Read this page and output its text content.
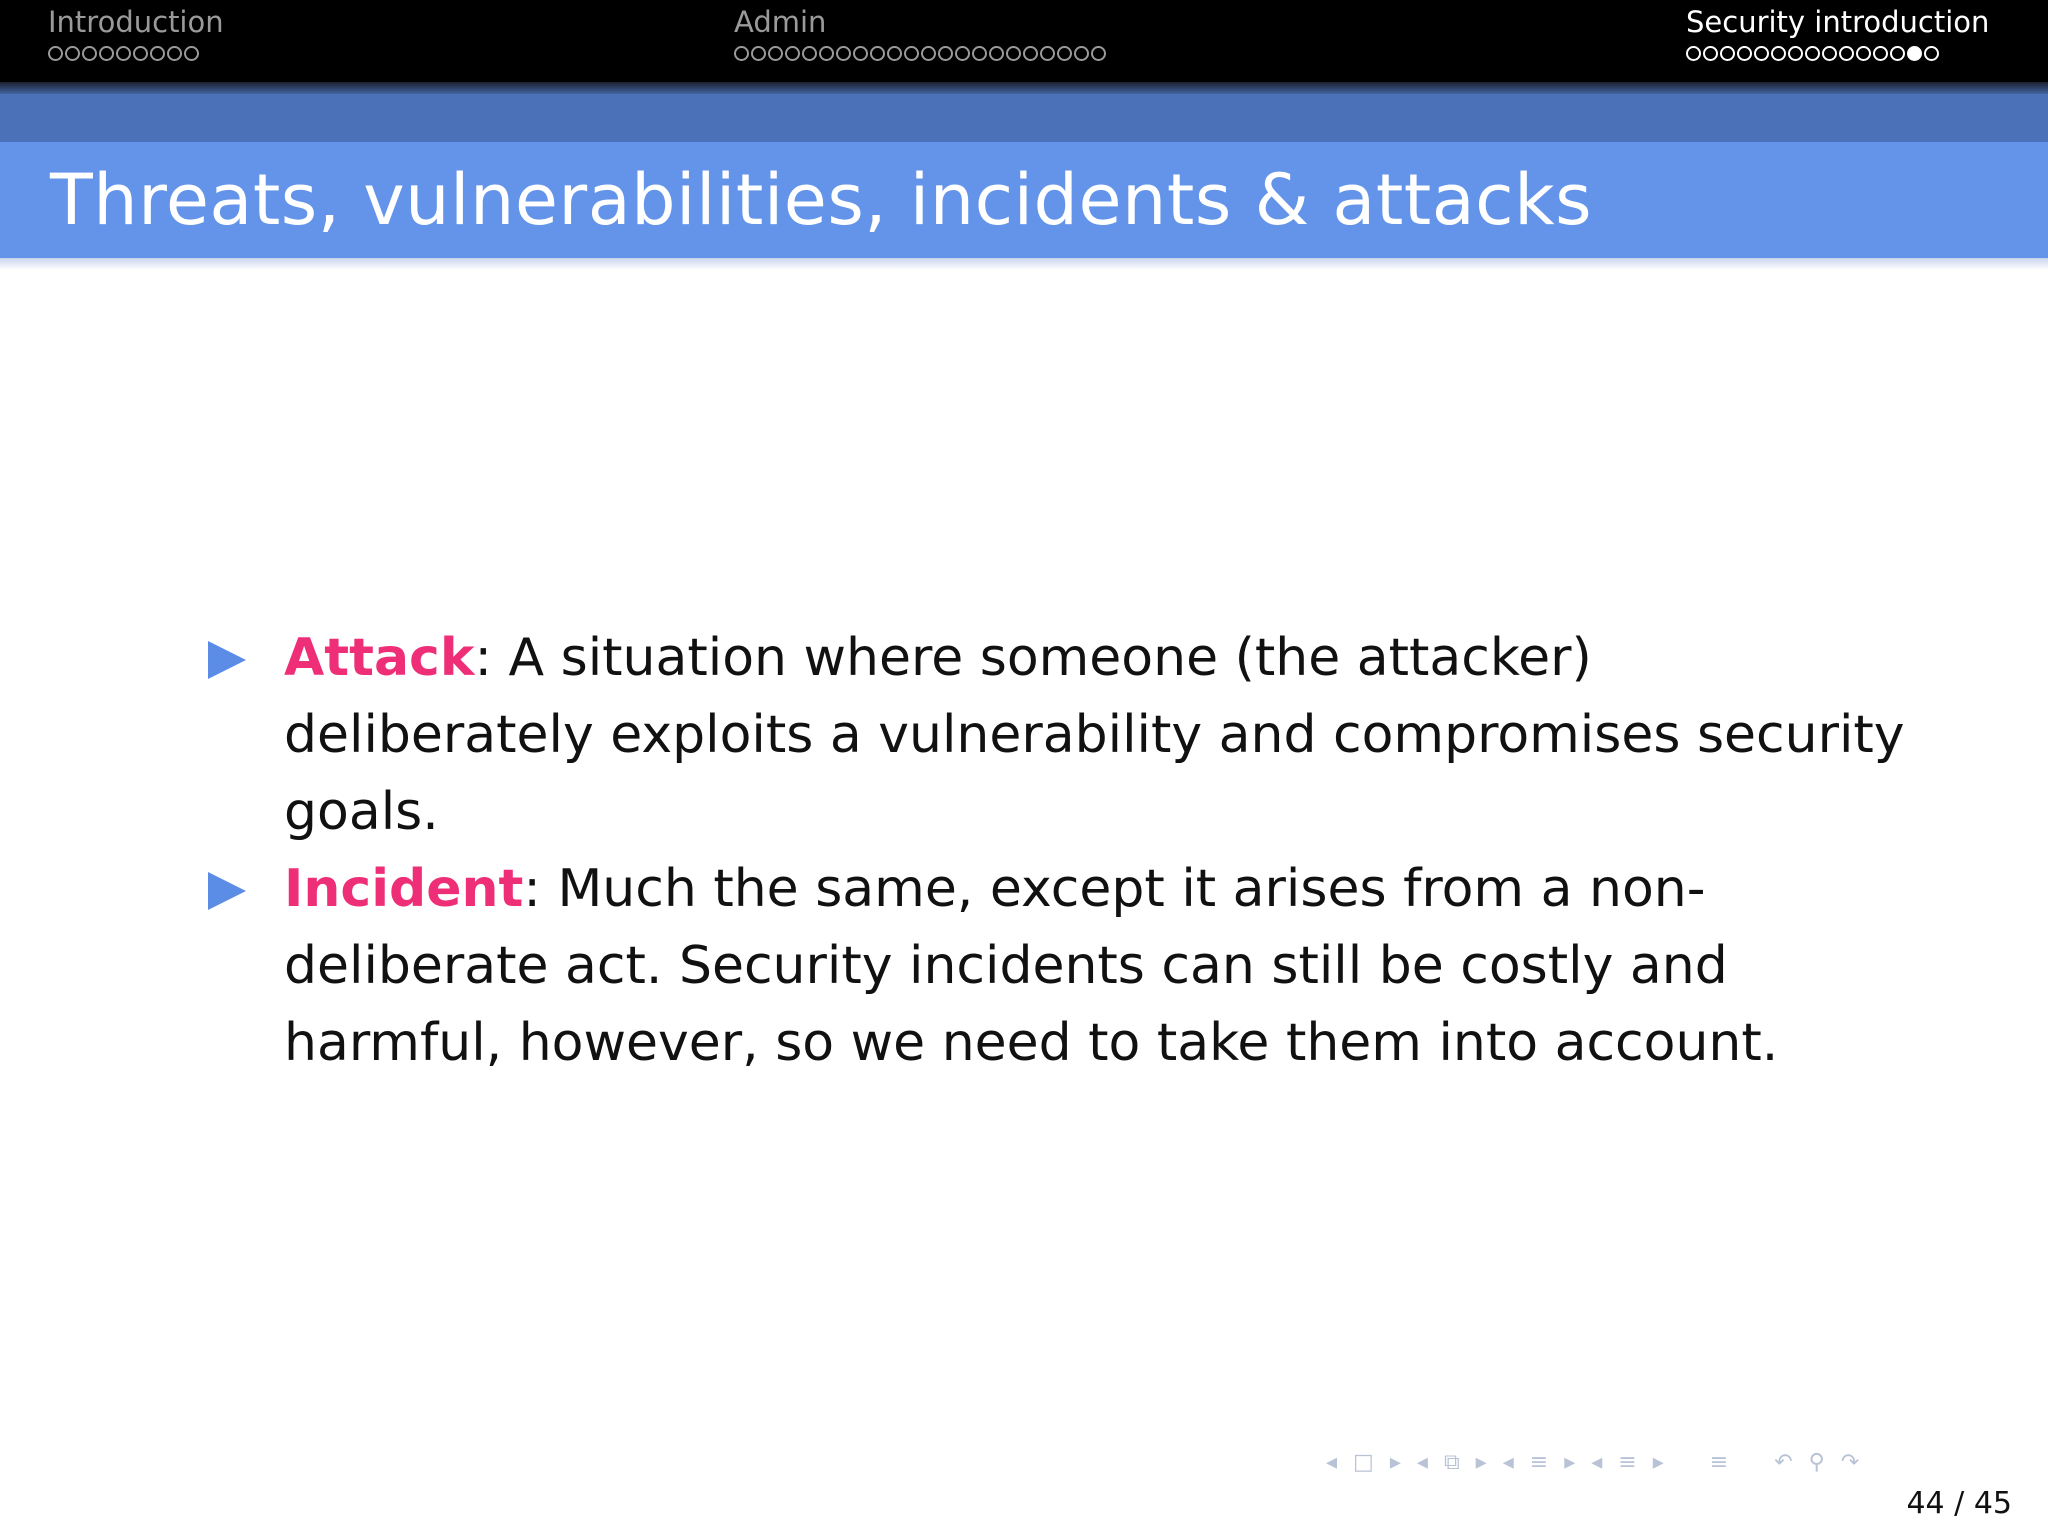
Introduction	Admin	Security introduction
Threats, vulnerabilities, incidents & attacks
Attack: A situation where someone (the attacker) deliberately exploits a vulnerability and compromises security goals.
Incident: Much the same, except it arises from a non-deliberate act. Security incidents can still be costly and harmful, however, so we need to take them into account.
◂ □ ▸ ◂ ⧉ ▸ ◂ ≡ ▸ ◂ ≡ ▸ ≡ ↶ ⚲ ↷
44 / 45
